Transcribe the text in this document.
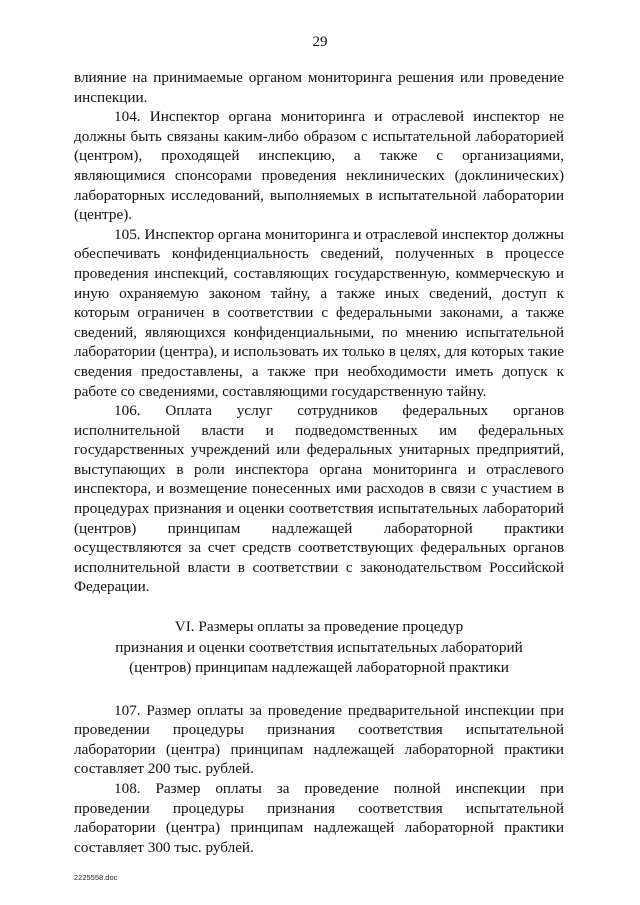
29

влияние на принимаемые органом мониторинга решения или проведение инспекции.

104. Инспектор органа мониторинга и отраслевой инспектор не должны быть связаны каким-либо образом с испытательной лабораторией (центром), проходящей инспекцию, а также с организациями, являющимися спонсорами проведения неклинических (доклинических) лабораторных исследований, выполняемых в испытательной лаборатории (центре).

105. Инспектор органа мониторинга и отраслевой инспектор должны обеспечивать конфиденциальность сведений, полученных в процессе проведения инспекций, составляющих государственную, коммерческую и иную охраняемую законом тайну, а также иных сведений, доступ к которым ограничен в соответствии с федеральными законами, а также сведений, являющихся конфиденциальными, по мнению испытательной лаборатории (центра), и использовать их только в целях, для которых такие сведения предоставлены, а также при необходимости иметь допуск к работе со сведениями, составляющими государственную тайну.

106. Оплата услуг сотрудников федеральных органов исполнительной власти и подведомственных им федеральных государственных учреждений или федеральных унитарных предприятий, выступающих в роли инспектора органа мониторинга и отраслевого инспектора, и возмещение понесенных ими расходов в связи с участием в процедурах признания и оценки соответствия испытательных лабораторий (центров) принципам надлежащей лабораторной практики осуществляются за счет средств соответствующих федеральных органов исполнительной власти в соответствии с законодательством Российской Федерации.

VI. Размеры оплаты за проведение процедур
признания и оценки соответствия испытательных лабораторий
(центров) принципам надлежащей лабораторной практики

107. Размер оплаты за проведение предварительной инспекции при проведении процедуры признания соответствия испытательной лаборатории (центра) принципам надлежащей лабораторной практики составляет 200 тыс. рублей.

108. Размер оплаты за проведение полной инспекции при проведении процедуры признания соответствия испытательной лаборатории (центра) принципам надлежащей лабораторной практики составляет 300 тыс. рублей.

2225558.doc
